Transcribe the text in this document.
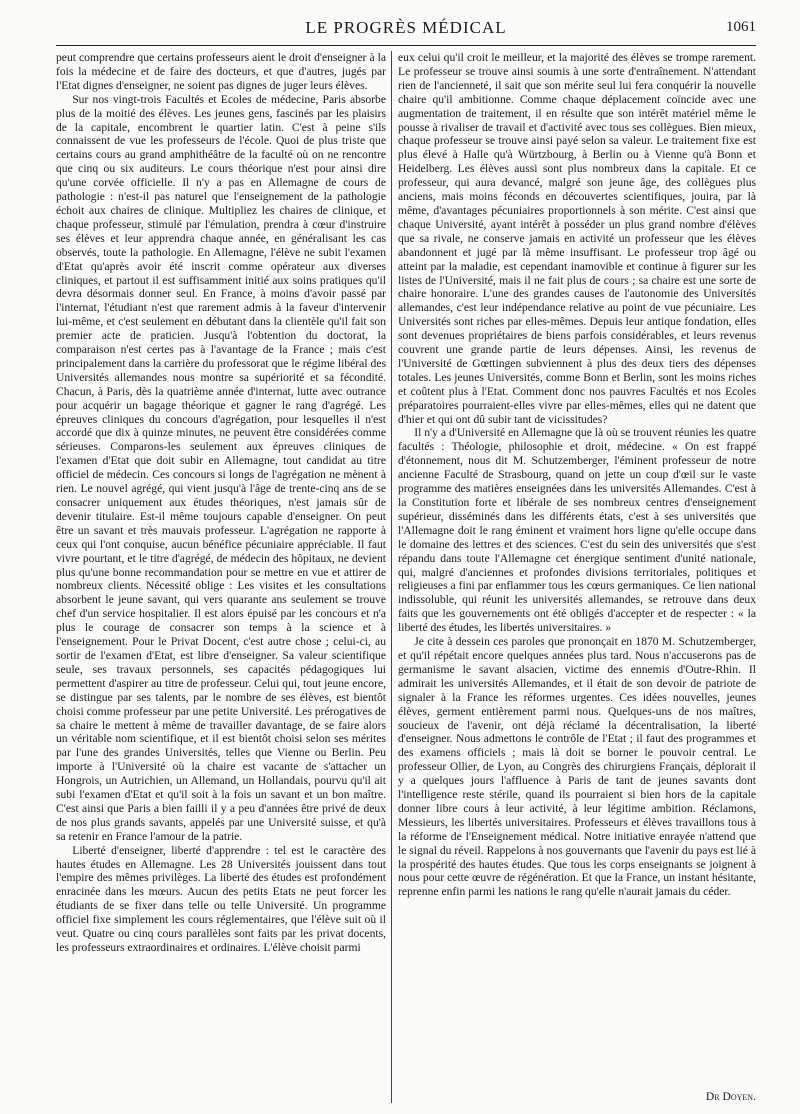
LE PROGRÈS MÉDICAL	1061

peut comprendre que certains professeurs aient le droit d'enseigner à la fois la médecine et de faire des docteurs, et que d'autres, jugés par l'Etat dignes d'enseigner, ne soient pas dignes de juger leurs élèves.

Sur nos vingt-trois Facultés et Ecoles de médecine, Paris absorbe plus de la moitié des élèves. Les jeunes gens, fascinés par les plaisirs de la capitale, encombrent le quartier latin. C'est à peine s'ils connaissent de vue les professeurs de l'école. Quoi de plus triste que certains cours au grand amphithéâtre de la faculté où on ne rencontre que cinq ou six auditeurs. Le cours théorique n'est pour ainsi dire qu'une corvée officielle. Il n'y a pas en Allemagne de cours de pathologie : n'est-il pas naturel que l'enseignement de la pathologie échoit aux chaires de clinique. Multipliez les chaires de clinique, et chaque professeur, stimulé par l'émulation, prendra à cœur d'instruire ses élèves et leur apprendra chaque année, en généralisant les cas observés, toute la pathologie. En Allemagne, l'élève ne subit l'examen d'Etat qu'après avoir été inscrit comme opérateur aux diverses cliniques, et partout il est suffisamment initié aux soins pratiques qu'il devra désormais donner seul. En France, à moins d'avoir passé par l'internat, l'étudiant n'est que rarement admis à la faveur d'intervenir lui-même, et c'est seulement en débutant dans la clientèle qu'il fait son premier acte de praticien. Jusqu'à l'obtention du doctorat, la comparaison n'est certes pas à l'avantage de la France ; mais c'est principalement dans la carrière du professorat que le régime libéral des Universités allemandes nous montre sa supériorité et sa fécondité. Chacun, à Paris, dès la quatrième année d'internat, lutte avec outrance pour acquérir un bagage théorique et gagner le rang d'agrégé. Les épreuves cliniques du concours d'agrégation, pour lesquelles il n'est accordé que dix à quinze minutes, ne peuvent être considérées comme sérieuses. Comparons-les seulement aux épreuves cliniques de l'examen d'Etat que doit subir en Allemagne, tout candidat au titre officiel de médecin. Ces concours si longs de l'agrégation ne mènent à rien. Le nouvel agrégé, qui vient jusqu'à l'âge de trente-cinq ans de se consacrer uniquement aux études théoriques, n'est jamais sûr de devenir titulaire. Est-il même toujours capable d'enseigner. On peut être un savant et très mauvais professeur. L'agrégation ne rapporte à ceux qui l'ont conquise, aucun bénéfice pécuniaire appréciable. Il faut vivre pourtant, et le titre d'agrégé, de médecin des hôpitaux, ne devient plus qu'une bonne recommandation pour se mettre en vue et attirer de nombreux clients. Nécessité oblige : Les visites et les consultations absorbent le jeune savant, qui vers quarante ans seulement se trouve chef d'un service hospitalier. Il est alors épuisé par les concours et n'a plus le courage de consacrer son temps à la science et à l'enseignement. Pour le Privat Docent, c'est autre chose ; celui-ci, au sortir de l'examen d'Etat, est libre d'enseigner. Sa valeur scientifique seule, ses travaux personnels, ses capacités pédagogiques lui permettent d'aspirer au titre de professeur. Celui qui, tout jeune encore, se distingue par ses talents, par le nombre de ses élèves, est bientôt choisi comme professeur par une petite Université. Les prérogatives de sa chaire le mettent à même de travailler davantage, de se faire alors un véritable nom scientifique, et il est bientôt choisi selon ses mérites par l'une des grandes Universités, telles que Vienne ou Berlin. Peu importe à l'Université où la chaire est vacante de s'attacher un Hongrois, un Autrichien, un Allemand, un Hollandais, pourvu qu'il ait subi l'examen d'Etat et qu'il soit à la fois un savant et un bon maître. C'est ainsi que Paris a bien failli il y a peu d'années être privé de deux de nos plus grands savants, appelés par une Université suisse, et qu'à sa retenir en France l'amour de la patrie.

Liberté d'enseigner, liberté d'apprendre : tel est le caractère des hautes études en Allemagne. Les 28 Universités jouissent dans tout l'empire des mêmes privilèges. La liberté des études est profondément enracinée dans les mœurs. Aucun des petits Etats ne peut forcer les étudiants de se fixer dans telle ou telle Université. Un programme officiel fixe simplement les cours réglementaires, que l'élève suit où il veut. Quatre ou cinq cours parallèles sont faits par les privat docents, les professeurs extraordinaires et ordinaires. L'élève choisit parmi

eux celui qu'il croit le meilleur, et la majorité des élèves se trompe rarement. Le professeur se trouve ainsi soumis à une sorte d'entraînement. N'attendant rien de l'ancienneté, il sait que son mérite seul lui fera conquérir la nouvelle chaire qu'il ambitionne. Comme chaque déplacement coïncide avec une augmentation de traitement, il en résulte que son intérêt matériel même le pousse à rivaliser de travail et d'activité avec tous ses collègues. Bien mieux, chaque professeur se trouve ainsi payé selon sa valeur. Le traitement fixe est plus élevé à Halle qu'à Würtzbourg, à Berlin ou à Vienne qu'à Bonn et Heidelberg. Les élèves aussi sont plus nombreux dans la capitale. Et ce professeur, qui aura devancé, malgré son jeune âge, des collègues plus anciens, mais moins féconds en découvertes scientifiques, jouira, par là même, d'avantages pécuniaires proportionnels à son mérite. C'est ainsi que chaque Université, ayant intérêt à posséder un plus grand nombre d'élèves que sa rivale, ne conserve jamais en activité un professeur que les élèves abandonnent et jugé par là même insuffisant. Le professeur trop âgé ou atteint par la maladie, est cependant inamovible et continue à figurer sur les listes de l'Université, mais il ne fait plus de cours ; sa chaire est une sorte de chaire honoraire. L'une des grandes causes de l'autonomie des Universités allemandes, c'est leur indépendance relative au point de vue pécuniaire. Les Universités sont riches par elles-mêmes. Depuis leur antique fondation, elles sont devenues propriétaires de biens parfois considérables, et leurs revenus couvrent une grande partie de leurs dépenses. Ainsi, les revenus de l'Université de Gœttingen subviennent à plus des deux tiers des dépenses totales. Les jeunes Universités, comme Bonn et Berlin, sont les moins riches et coûtent plus à l'Etat. Comment donc nos pauvres Facultés et nos Ecoles préparatoires pourraient-elles vivre par elles-mêmes, elles qui ne datent que d'hier et qui ont dû subir tant de vicissitudes?

Il n'y a d'Université en Allemagne que là où se trouvent réunies les quatre facultés : Théologie, philosophie et droit, médecine. « On est frappé d'étonnement, nous dit M. Schutzemberger, l'éminent professeur de notre ancienne Faculté de Strasbourg, quand on jette un coup d'œil sur le vaste programme des matières enseignées dans les universités Allemandes. C'est à la Constitution forte et libérale de ses nombreux centres d'enseignement supérieur, disséminés dans les différents états, c'est à ses universités que l'Allemagne doit le rang éminent et vraiment hors ligne qu'elle occupe dans le domaine des lettres et des sciences. C'est du sein des universités que s'est répandu dans toute l'Allemagne cet énergique sentiment d'unité nationale, qui, malgré d'anciennes et profondes divisions territoriales, politiques et religieuses a fini par enflammer tous les cœurs germaniques. Ce lien national indissoluble, qui réunit les universités allemandes, se retrouve dans deux faits que les gouvernements ont été obligés d'accepter et de respecter : « la liberté des études, les libertés universitaires. »

Je cite à dessein ces paroles que prononçait en 1870 M. Schutzemberger, et qu'il répétait encore quelques années plus tard. Nous n'accuserons pas de germanisme le savant alsacien, victime des ennemis d'Outre-Rhin. Il admirait les universités Allemandes, et il était de son devoir de patriote de signaler à la France les réformes urgentes. Ces idées nouvelles, jeunes élèves, germent entièrement parmi nous. Quelques-uns de nos maîtres, soucieux de l'avenir, ont déjà réclamé la décentralisation, la liberté d'enseigner. Nous admettons le contrôle de l'Etat ; il faut des programmes et des examens officiels ; mais là doit se borner le pouvoir central. Le professeur Ollier, de Lyon, au Congrès des chirurgiens Français, déplorait il y a quelques jours l'affluence à Paris de tant de jeunes savants dont l'intelligence reste stérile, quand ils pourraient si bien hors de la capitale donner libre cours à leur activité, à leur légitime ambition. Réclamons, Messieurs, les libertés universitaires. Professeurs et élèves travaillons tous à la réforme de l'Enseignement médical. Notre initiative enrayée n'attend que le signal du réveil. Rappelons à nos gouvernants que l'avenir du pays est lié à la prospérité des hautes études. Que tous les corps enseignants se joignent à nous pour cette œuvre de régénération. Et que la France, un instant hésitante, reprenne enfin parmi les nations le rang qu'elle n'aurait jamais du céder.

Dr Doyen.
